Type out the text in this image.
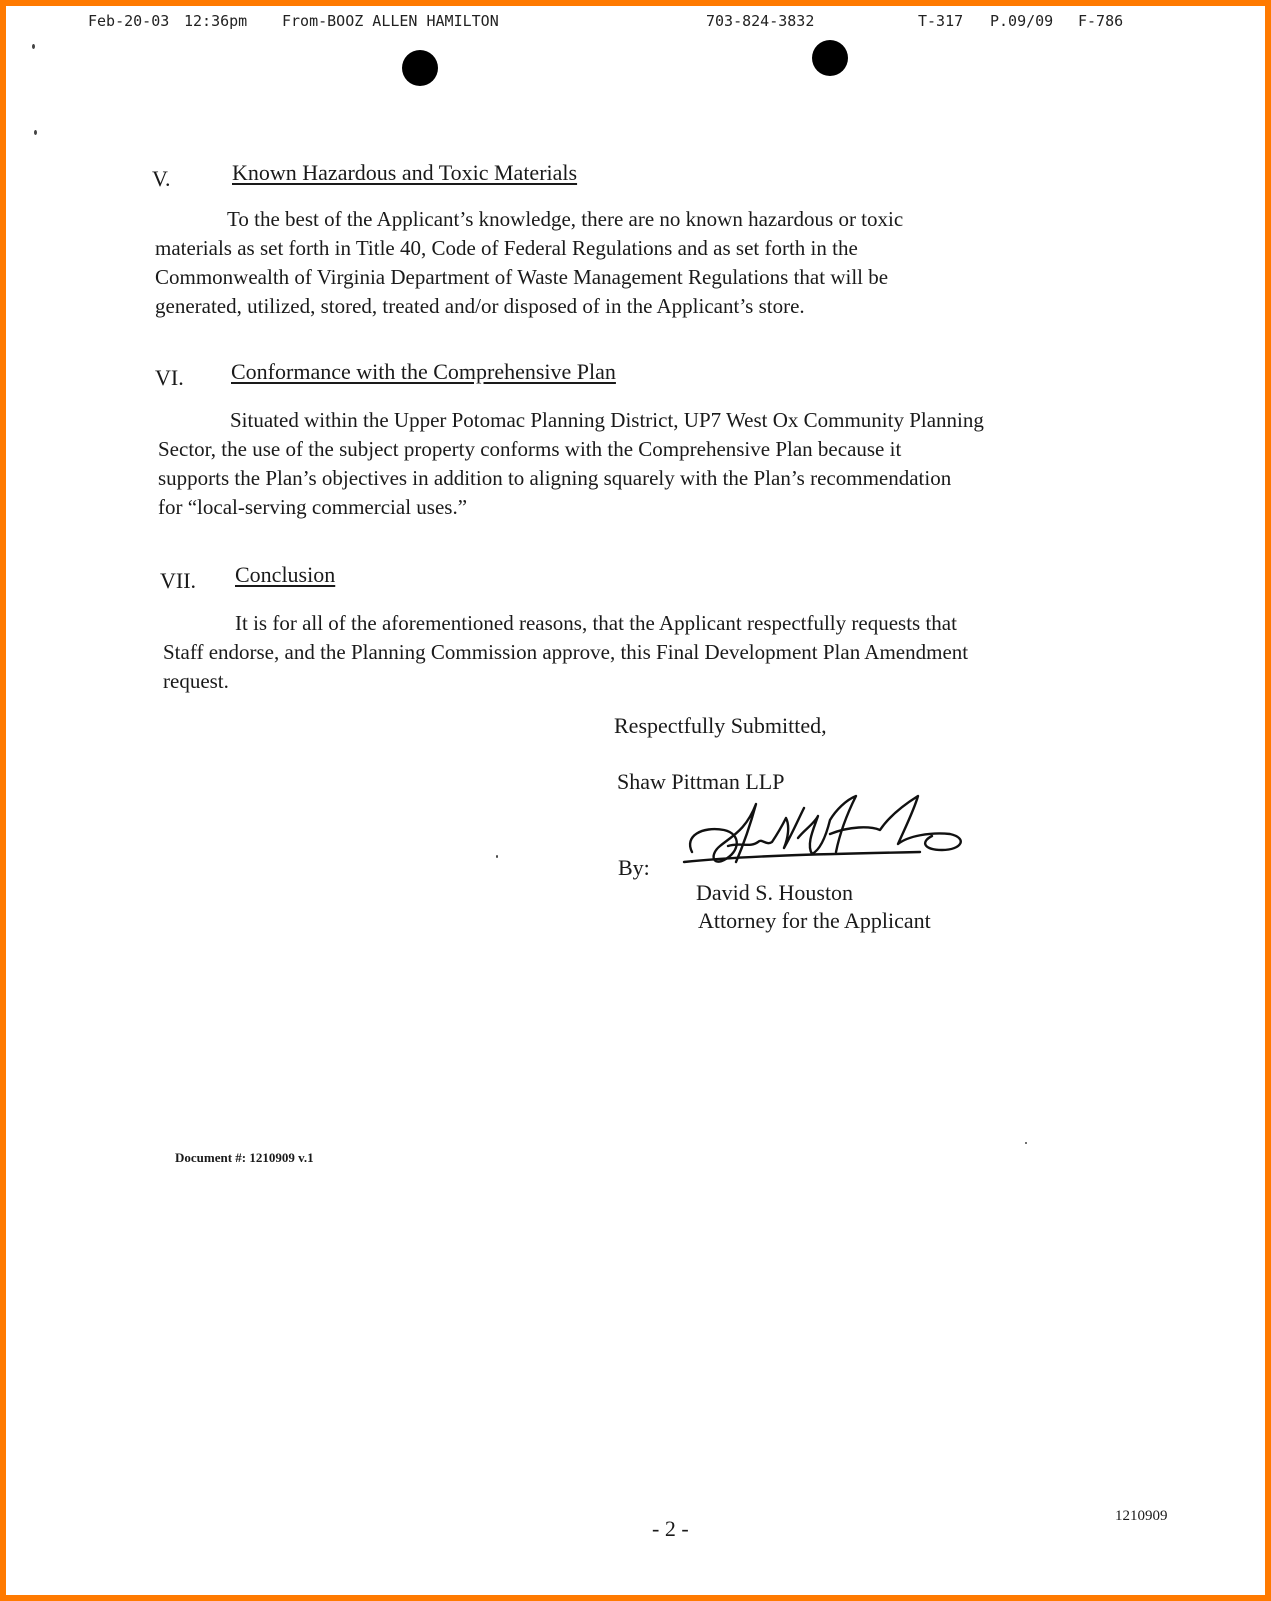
Feb-20-03 12:36pm From-BOOZ ALLEN HAMILTON	703-824-3832	T-317 P.09/09 F-786
V.	Known Hazardous and Toxic Materials

To the best of the Applicant’s knowledge, there are no known hazardous or toxic

materials as set forth in Title 40, Code of Federal Regulations and as set forth in the

Commonwealth of Virginia Department of Waste Management Regulations that will be

generated, utilized, stored, treated and/or disposed of in the Applicant’s store.

VI. Conformance with the Comprehensive Plan

Situated within the Upper Potomac Planning District, UP7 West Ox Community Planning

Sector, the use of the subject property conforms with the Comprehensive Plan because it

supports the Plan’s objectives in addition to aligning squarely with the Plan’s recommendation

for “local-serving commercial uses.”

VII. Conclusion

It is for all of the aforementioned reasons, that the Applicant respectfully requests that

Staff endorse, and the Planning Commission approve, this Final Development Plan Amendment

request.

Respectfully Submitted,
Shaw Pittman LLP
By:
David S. Houston
Attorney for the Applicant
Document #: 1210909 v.1
- 2 -	1210909
